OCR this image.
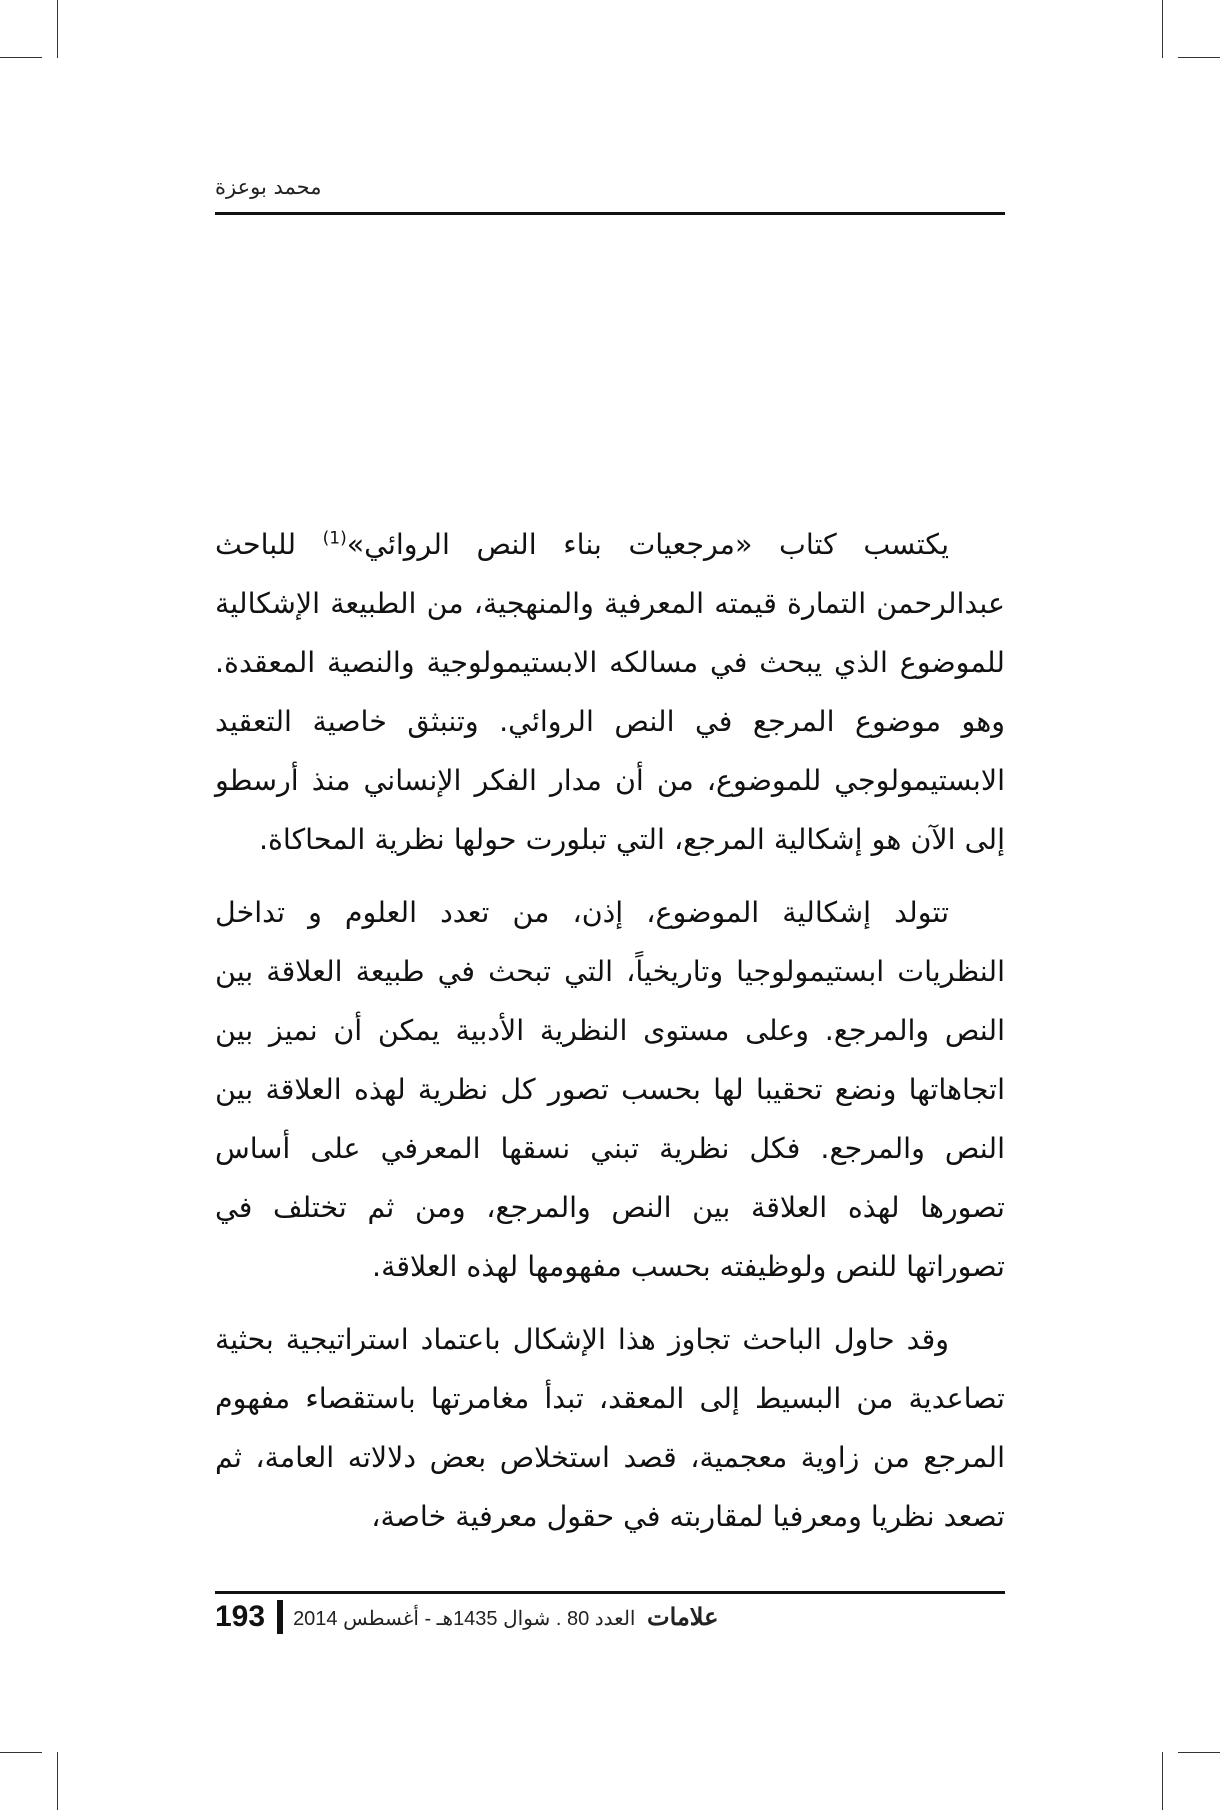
محمد بوعزة

يكتسب كتاب «مرجعيات بناء النص الروائي»$^{(1)}$ للباحث عبدالرحمن التمارة قيمته المعرفية والمنهجية، من الطبيعة الإشكالية للموضوع الذي يبحث في مسالكه الابستيمولوجية والنصية المعقدة. وهو موضوع المرجع في النص الروائي. وتنبثق خاصية التعقيد الابستيمولوجي للموضوع، من أن مدار الفكر الإنساني منذ أرسطو إلى الآن هو إشكالية المرجع، التي تبلورت حولها نظرية المحاكاة.

تتولد إشكالية الموضوع، إذن، من تعدد العلوم و تداخل النظريات ابستيمولوجيا وتاريخياً، التي تبحث في طبيعة العلاقة بين النص والمرجع. وعلى مستوى النظرية الأدبية يمكن أن نميز بين اتجاهاتها ونضع تحقيبا لها بحسب تصور كل نظرية لهذه العلاقة بين النص والمرجع. فكل نظرية تبني نسقها المعرفي على أساس تصورها لهذه العلاقة بين النص والمرجع، ومن ثم تختلف في تصوراتها للنص ولوظيفته بحسب مفهومها لهذه العلاقة.

وقد حاول الباحث تجاوز هذا الإشكال باعتماد استراتيجية بحثية تصاعدية من البسيط إلى المعقد، تبدأ مغامرتها باستقصاء مفهوم المرجع من زاوية معجمية، قصد استخلاص بعض دلالاته العامة، ثم تصعد نظريا ومعرفيا لمقاربته في حقول معرفية خاصة،

193	علامات العدد 80 . شوال 1435هـ - أغسطس 2014
